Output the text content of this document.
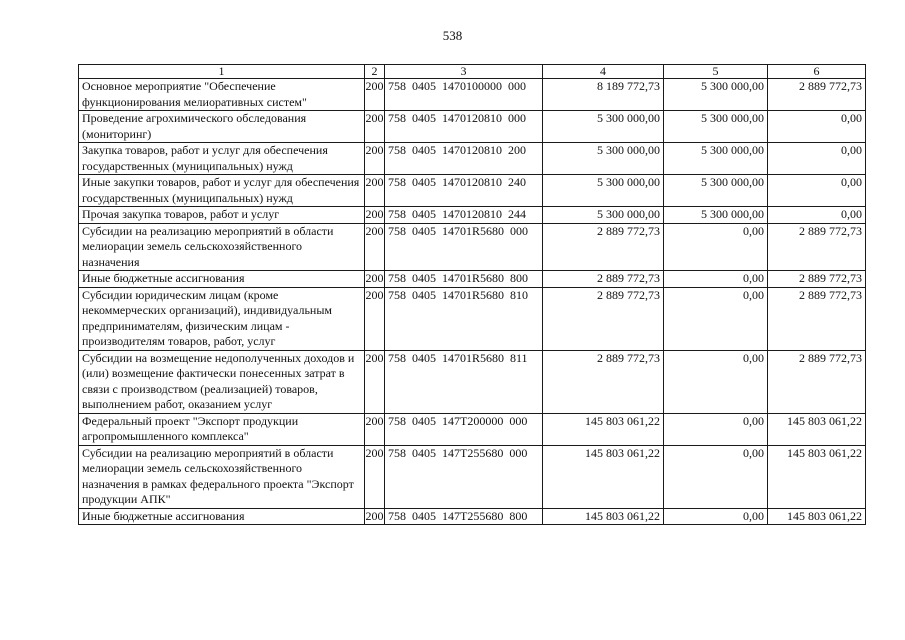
538
1	2	3	4	5	6
Основное мероприятие "Обеспечение функционирования мелиоративных систем"	200	758 0405 1470100000 000	8 189 772,73	5 300 000,00	2 889 772,73
Проведение агрохимического обследования (мониторинг)	200	758 0405 1470120810 000	5 300 000,00	5 300 000,00	0,00
Закупка товаров, работ и услуг для обеспечения государственных (муниципальных) нужд	200	758 0405 1470120810 200	5 300 000,00	5 300 000,00	0,00
Иные закупки товаров, работ и услуг для обеспечения государственных (муниципальных) нужд	200	758 0405 1470120810 240	5 300 000,00	5 300 000,00	0,00
Прочая закупка товаров, работ и услуг	200	758 0405 1470120810 244	5 300 000,00	5 300 000,00	0,00
Субсидии на реализацию мероприятий в области мелиорации земель сельскохозяйственного назначения	200	758 0405 14701R5680 000	2 889 772,73	0,00	2 889 772,73
Иные бюджетные ассигнования	200	758 0405 14701R5680 800	2 889 772,73	0,00	2 889 772,73
Субсидии юридическим лицам (кроме некоммерческих организаций), индивидуальным предпринимателям, физическим лицам - производителям товаров, работ, услуг	200	758 0405 14701R5680 810	2 889 772,73	0,00	2 889 772,73
Субсидии на возмещение недополученных доходов и (или) возмещение фактически понесенных затрат в связи с производством (реализацией) товаров, выполнением работ, оказанием услуг	200	758 0405 14701R5680 811	2 889 772,73	0,00	2 889 772,73
Федеральный проект "Экспорт продукции агропромышленного комплекса"	200	758 0405 147T200000 000	145 803 061,22	0,00	145 803 061,22
Субсидии на реализацию мероприятий в области мелиорации земель сельскохозяйственного назначения в рамках федерального проекта "Экспорт продукции АПК"	200	758 0405 147T255680 000	145 803 061,22	0,00	145 803 061,22
Иные бюджетные ассигнования	200	758 0405 147T255680 800	145 803 061,22	0,00	145 803 061,22
